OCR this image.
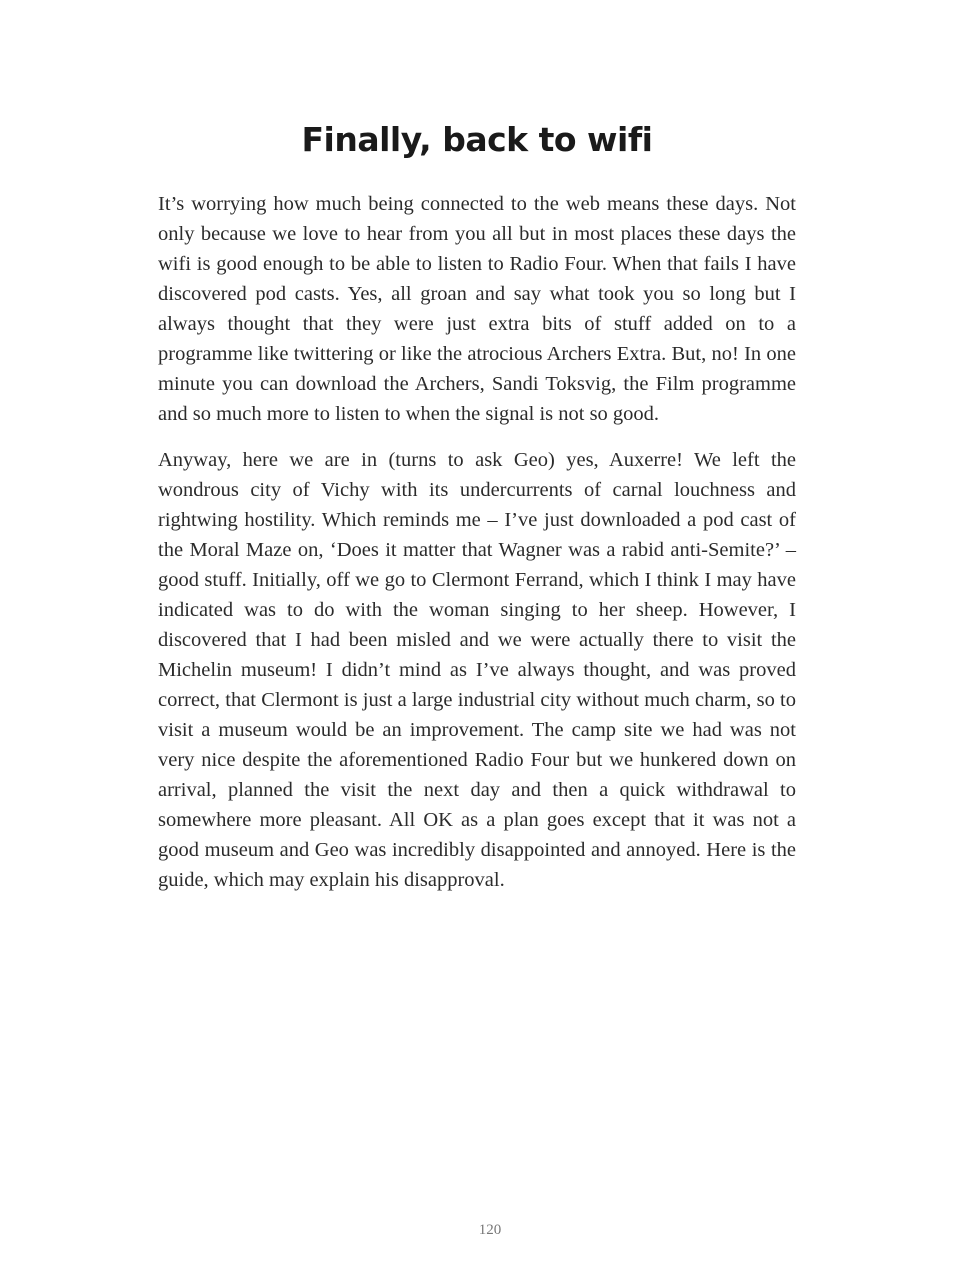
Finally, back to wifi

It’s worrying how much being connected to the web means these days. Not only because we love to hear from you all but in most places these days the wifi is good enough to be able to listen to Radio Four. When that fails I have discovered pod casts. Yes, all groan and say what took you so long but I always thought that they were just extra bits of stuff added on to a programme like twittering or like the atrocious Archers Extra. But, no! In one minute you can download the Archers, Sandi Toksvig, the Film programme and so much more to listen to when the signal is not so good.

Anyway, here we are in (turns to ask Geo) yes, Auxerre! We left the wondrous city of Vichy with its undercurrents of carnal louchness and rightwing hostility. Which reminds me – I’ve just downloaded a pod cast of the Moral Maze on, ‘Does it matter that Wagner was a rabid anti-Semite?’ – good stuff. Initially, off we go to Clermont Ferrand, which I think I may have indicated was to do with the woman singing to her sheep. However, I discovered that I had been misled and we were actually there to visit the Michelin museum! I didn’t mind as I’ve always thought, and was proved correct, that Clermont is just a large industrial city without much charm, so to visit a museum would be an improvement. The camp site we had was not very nice despite the aforementioned Radio Four but we hunkered down on arrival, planned the visit the next day and then a quick withdrawal to somewhere more pleasant. All OK as a plan goes except that it was not a good museum and Geo was incredibly disappointed and annoyed. Here is the guide, which may explain his disapproval.

120
